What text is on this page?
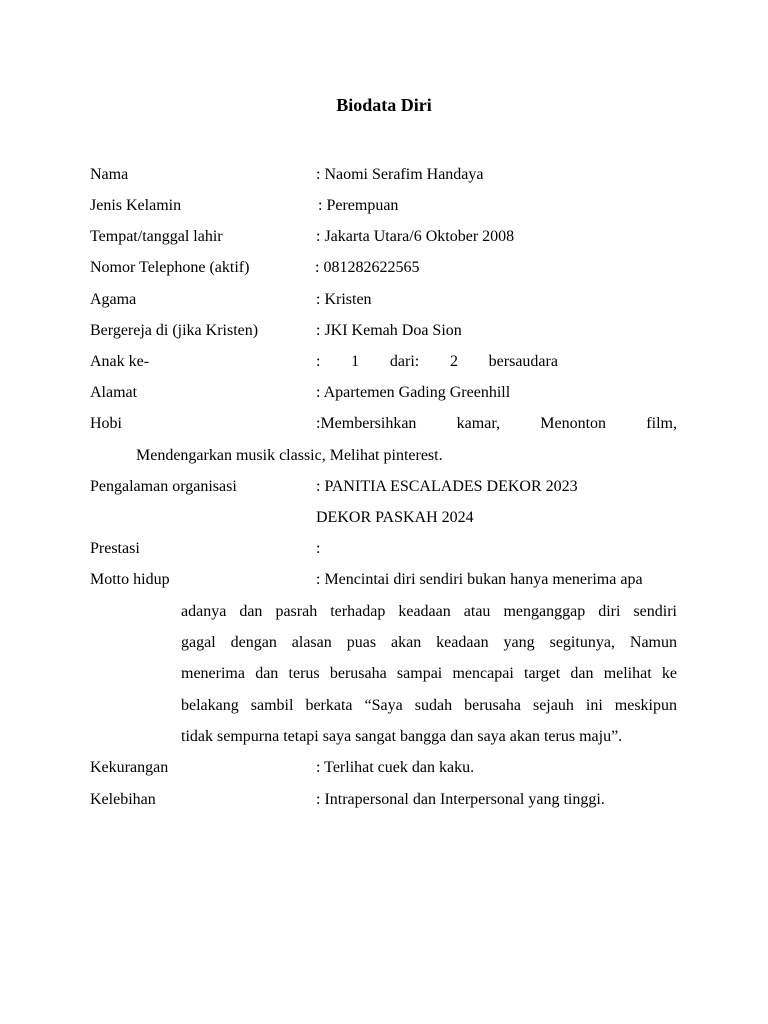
Biodata Diri
Nama	: Naomi Serafim Handaya
Jenis Kelamin	: Perempuan
Tempat/tanggal lahir	: Jakarta Utara/6 Oktober 2008
Nomor Telephone (aktif)	: 081282622565
Agama	: Kristen
Bergereja di (jika Kristen)	: JKI Kemah Doa Sion
Anak ke-	: 1 dari: 2 bersaudara
Alamat	: Apartemen Gading Greenhill
Hobi	:Membersihkan	kamar,	Menonton	film,
Mendengarkan musik classic, Melihat pinterest.
Pengalaman organisasi	: PANITIA ESCALADES DEKOR 2023
DEKOR PASKAH 2024
Prestasi	:
Motto hidup	: Mencintai diri sendiri bukan hanya menerima apa
adanya dan pasrah terhadap keadaan atau menganggap diri sendiri
gagal dengan alasan puas akan keadaan yang segitunya, Namun
menerima dan terus berusaha sampai mencapai target dan melihat ke
belakang sambil berkata “Saya sudah berusaha sejauh ini meskipun
tidak sempurna tetapi saya sangat bangga dan saya akan terus maju”.
Kekurangan	: Terlihat cuek dan kaku.
Kelebihan	: Intrapersonal dan Interpersonal yang tinggi.
